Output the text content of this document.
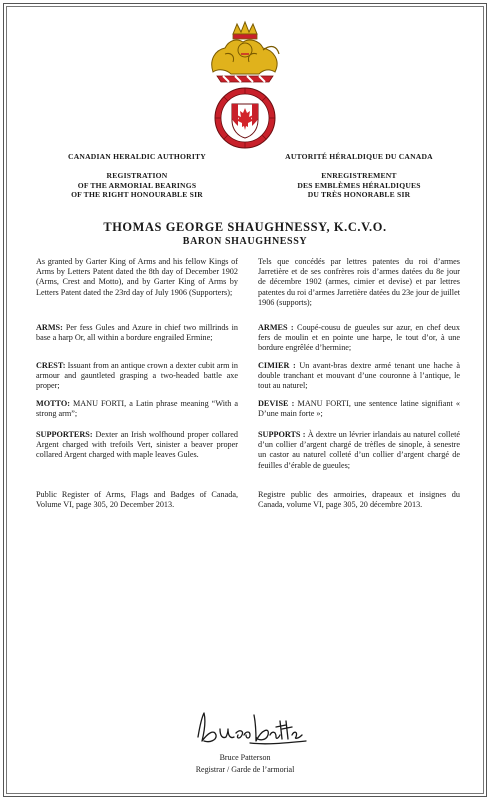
CANADIAN HERALDIC AUTHORITY	AUTORITÉ HÉRALDIQUE DU CANADA
REGISTRATION
OF THE ARMORIAL BEARINGS
OF THE RIGHT HONOURABLE SIR
ENREGISTREMENT
DES EMBLÈMES HÉRALDIQUES
DU TRÈS HONORABLE SIR
THOMAS GEORGE SHAUGHNESSY, K.C.V.O.
BARON SHAUGHNESSY

As granted by Garter King of Arms and his fellow Kings of Arms by Letters Patent dated the 8th day of December 1902 (Arms, Crest and Motto), and by Garter King of Arms by Letters Patent dated the 23rd day of July 1906 (Supporters);

ARMS: Per fess Gules and Azure in chief two millrinds in base a harp Or, all within a bordure engrailed Ermine;

CREST: Issuant from an antique crown a dexter cubit arm in armour and gauntleted grasping a two-headed battle axe proper;

MOTTO: MANU FORTI, a Latin phrase meaning “With a strong arm”;

SUPPORTERS: Dexter an Irish wolfhound proper collared Argent charged with trefoils Vert, sinister a beaver proper collared Argent charged with maple leaves Gules.

Public Register of Arms, Flags and Badges of Canada, Volume VI, page 305, 20 December 2013.

Tels que concédés par lettres patentes du roi d’armes Jarretière et de ses confrères rois d’armes datées du 8e jour de décembre 1902 (armes, cimier et devise) et par lettres patentes du roi d’armes Jarretière datées du 23e jour de juillet 1906 (supports);

ARMES : Coupé-cousu de gueules sur azur, en chef deux fers de moulin et en pointe une harpe, le tout d’or, à une bordure engrêlée d’hermine;

CIMIER : Un avant-bras dextre armé tenant une hache à double tranchant et mouvant d’une couronne à l’antique, le tout au naturel;

DEVISE : MANU FORTI, une sentence latine signifiant « D’une main forte »;

SUPPORTS : À dextre un lévrier irlandais au naturel colleté d’un collier d’argent chargé de trèfles de sinople, à senestre un castor au naturel colleté d’un collier d’argent chargé de feuilles d’érable de gueules;

Registre public des armoiries, drapeaux et insignes du Canada, volume VI, page 305, 20 décembre 2013.

Bruce Patterson
Registrar / Garde de l’armorial
